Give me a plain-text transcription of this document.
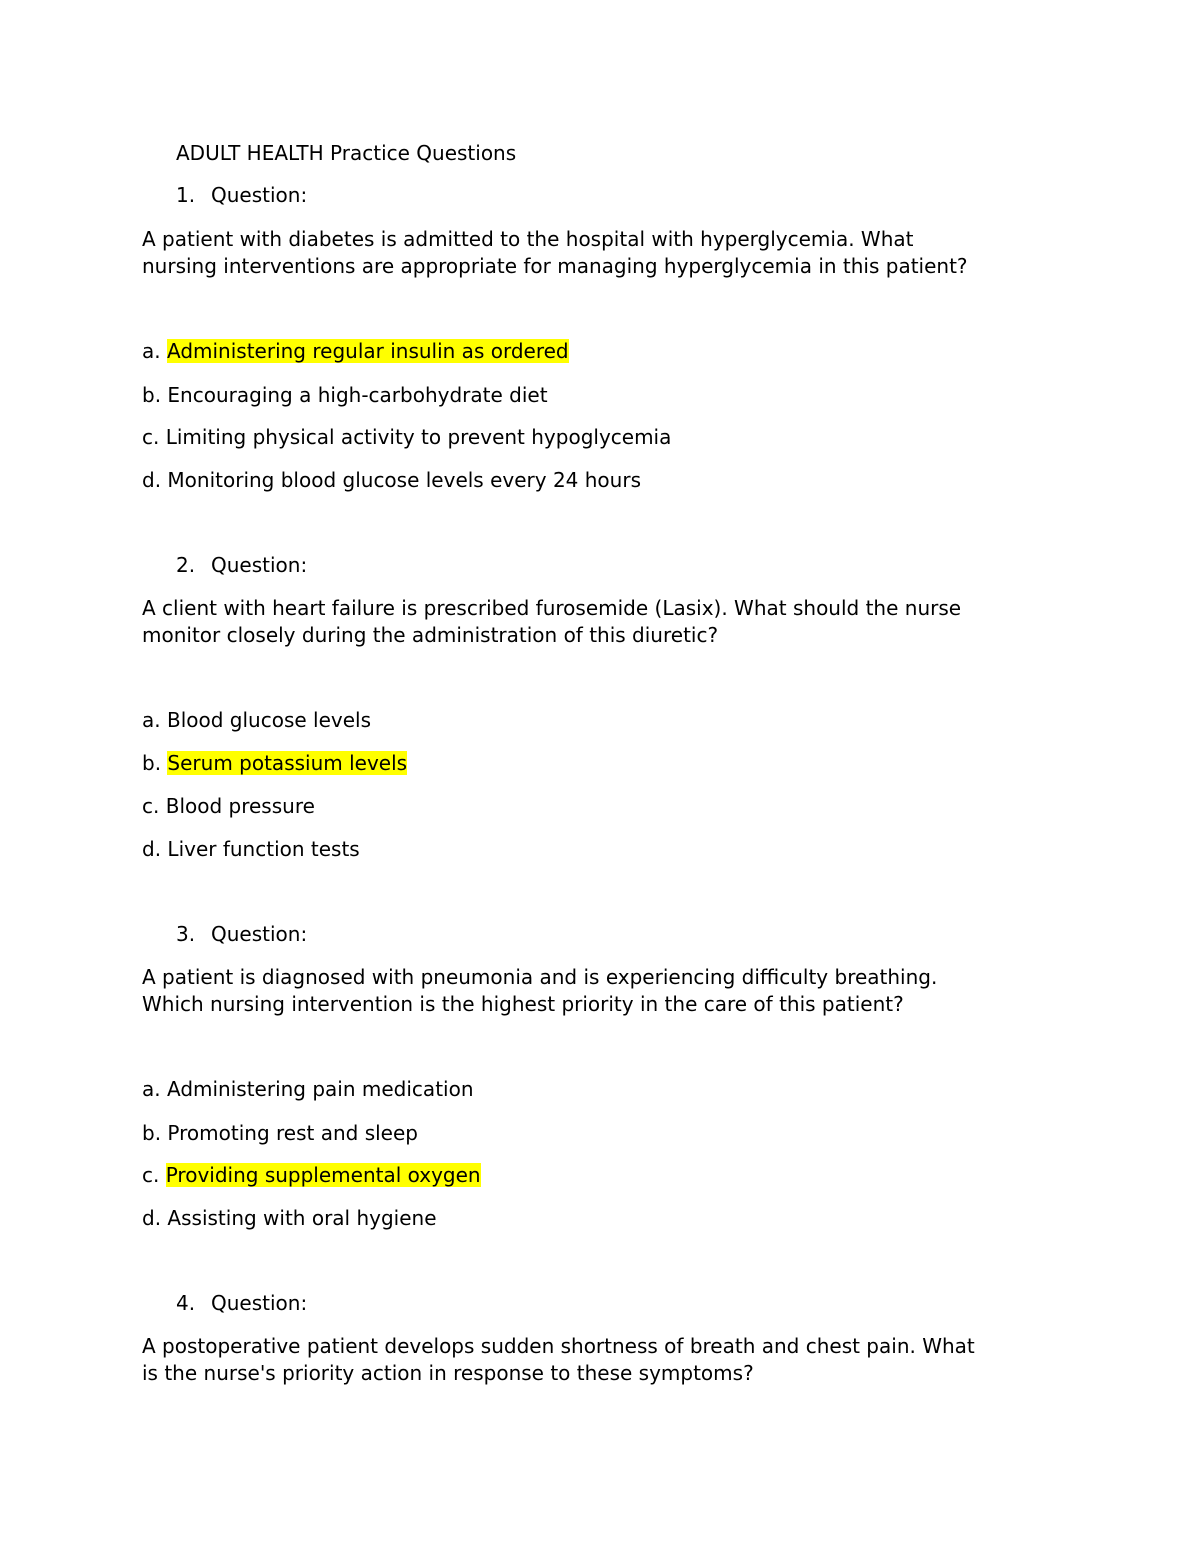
ADULT HEALTH Practice Questions
1. Question:
A patient with diabetes is admitted to the hospital with hyperglycemia. What
nursing interventions are appropriate for managing hyperglycemia in this patient?
a. Administering regular insulin as ordered
b. Encouraging a high-carbohydrate diet
c. Limiting physical activity to prevent hypoglycemia
d. Monitoring blood glucose levels every 24 hours
2. Question:
A client with heart failure is prescribed furosemide (Lasix). What should the nurse
monitor closely during the administration of this diuretic?
a. Blood glucose levels
b. Serum potassium levels
c. Blood pressure
d. Liver function tests
3. Question:
A patient is diagnosed with pneumonia and is experiencing difficulty breathing.
Which nursing intervention is the highest priority in the care of this patient?
a. Administering pain medication
b. Promoting rest and sleep
c. Providing supplemental oxygen
d. Assisting with oral hygiene
4. Question:
A postoperative patient develops sudden shortness of breath and chest pain. What
is the nurse's priority action in response to these symptoms?
